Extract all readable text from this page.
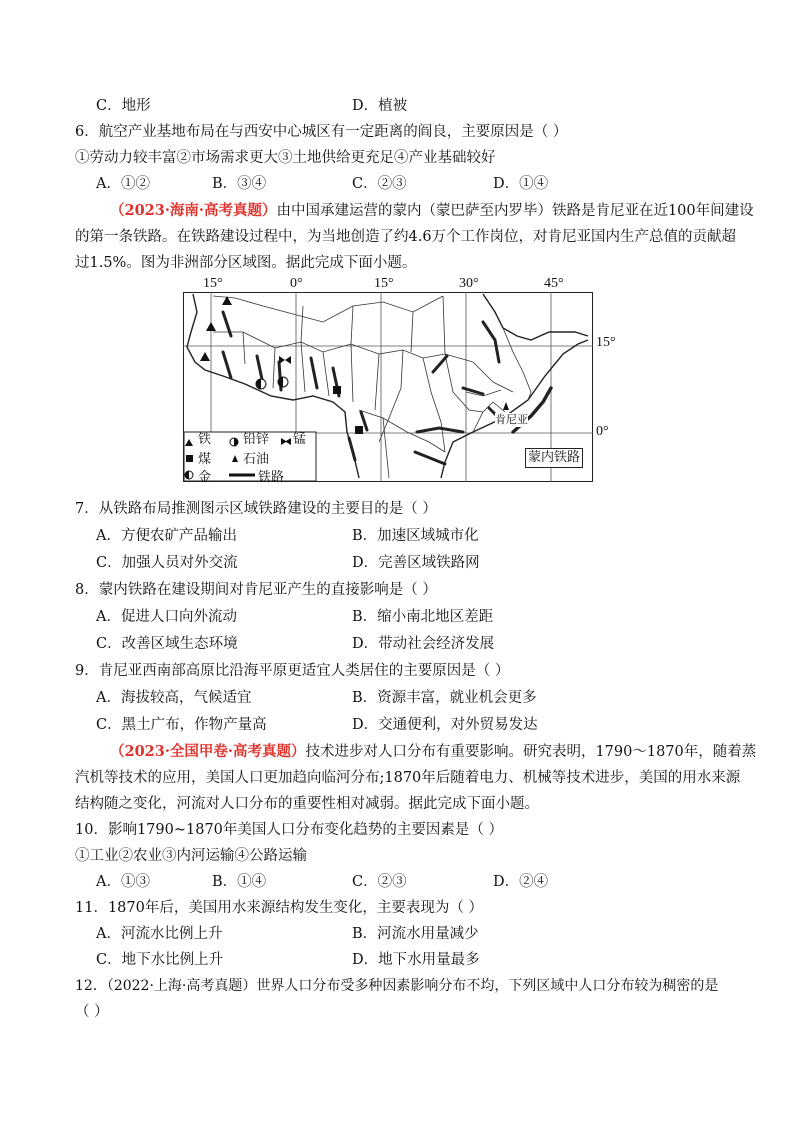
C．地形	D．植被
6．航空产业基地布局在与西安中心城区有一定距离的阎良，主要原因是（ ）
①劳动力较丰富②市场需求更大③土地供给更充足④产业基础较好
A．①②	B．③④	C．②③	D．①④
（2023·海南·高考真题）由中国承建运营的蒙内（蒙巴萨至内罗毕）铁路是肯尼亚在近100年间建设
的第一条铁路。在铁路建设过程中，为当地创造了约4.6万个工作岗位，对肯尼亚国内生产总值的贡献超
过1.5%。图为非洲部分区域图。据此完成下面小题。
15°	0°	15°	30°	45°
15°
0°
铁
煤
金
铅锌
石油
铁路
锰
肯尼亚
蒙内铁路
7．从铁路布局推测图示区域铁路建设的主要目的是（ ）
A．方便农矿产品输出	B．加速区域城市化
C．加强人员对外交流	D．完善区域铁路网
8．蒙内铁路在建设期间对肯尼亚产生的直接影响是（ ）
A．促进人口向外流动	B．缩小南北地区差距
C．改善区域生态环境	D．带动社会经济发展
9．肯尼亚西南部高原比沿海平原更适宜人类居住的主要原因是（ ）
A．海拔较高，气候适宜	B．资源丰富，就业机会更多
C．黑土广布，作物产量高	D．交通便利，对外贸易发达
（2023·全国甲卷·高考真题）技术进步对人口分布有重要影响。研究表明，1790～1870年，随着蒸
汽机等技术的应用，美国人口更加趋向临河分布;1870年后随着电力、机械等技术进步，美国的用水来源
结构随之变化，河流对人口分布的重要性相对减弱。据此完成下面小题。
10．影响1790~1870年美国人口分布变化趋势的主要因素是（ ）
①工业②农业③内河运输④公路运输
A．①③	B．①④	C．②③	D．②④
11．1870年后，美国用水来源结构发生变化，主要表现为（ ）
A．河流水比例上升	B．河流水用量减少
C．地下水比例上升	D．地下水用量最多
12．（2022·上海·高考真题）世界人口分布受多种因素影响分布不均，下列区域中人口分布较为稠密的是
（ ）
